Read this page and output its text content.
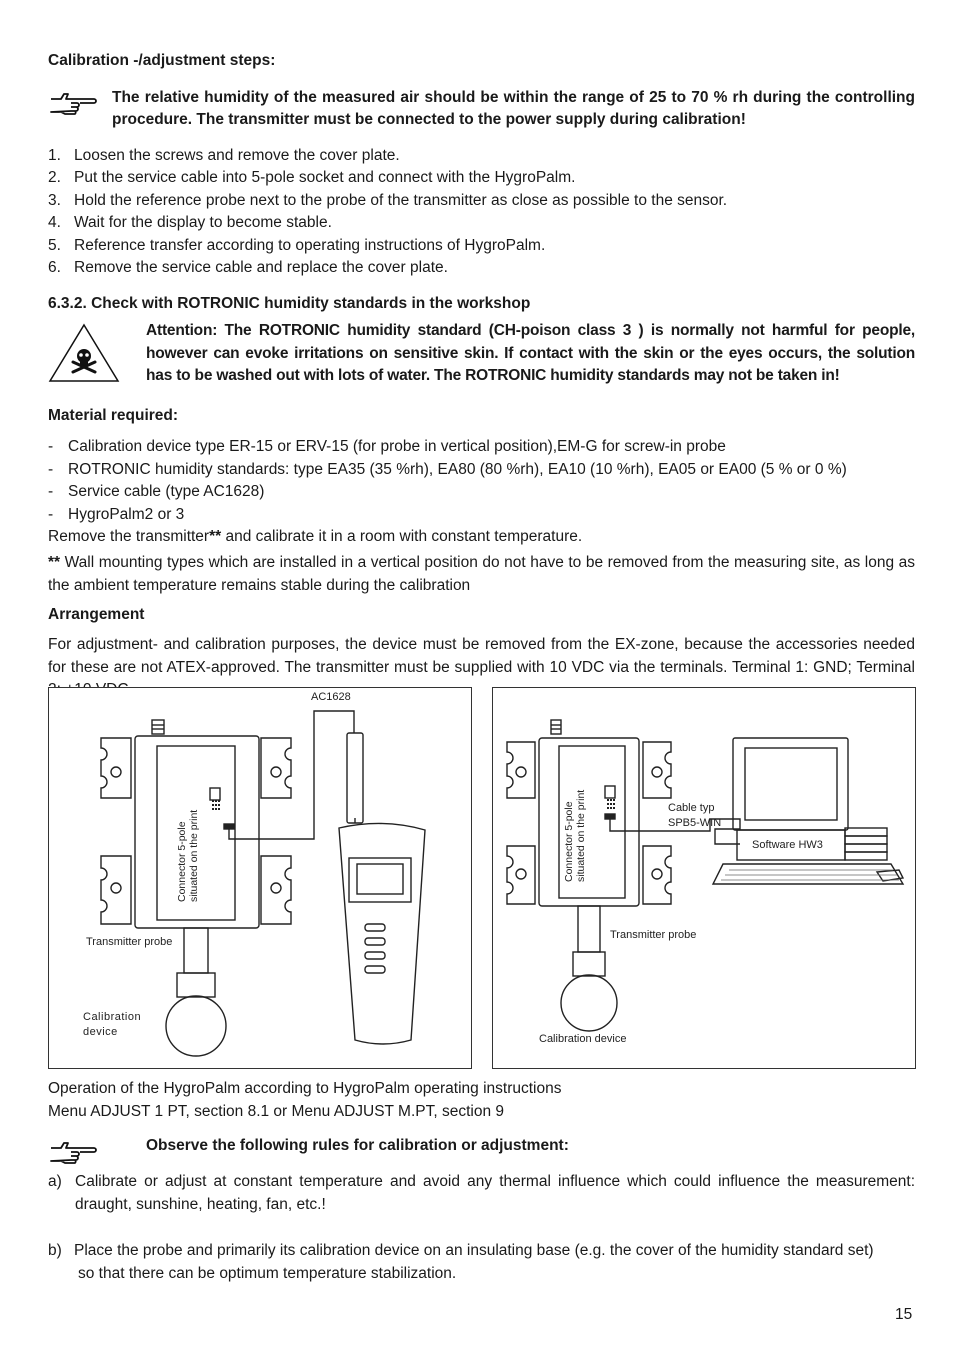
Calibration -/adjustment steps:
The relative humidity of the measured air should be within the range of 25 to 70 % rh during the controlling procedure. The transmitter must be connected to the power supply during calibration!
1. Loosen the screws and remove the cover plate.
2. Put the service cable into 5-pole socket and connect with the HygroPalm.
3. Hold the reference probe next to the probe of the transmitter as close as possible to the sensor.
4. Wait for the display to become stable.
5. Reference transfer according to operating instructions of HygroPalm.
6. Remove the service cable and replace the cover plate.
6.3.2. Check with ROTRONIC humidity standards in the workshop
Attention: The ROTRONIC humidity standard (CH-poison class 3 ) is normally not harmful for people, however can evoke irritations on sensitive skin. If contact with the skin or the eyes occurs, the solution has to be washed out with lots of water. The ROTRONIC humidity standards may not be taken in!
Material required:
- Calibration device type ER-15 or ERV-15 (for probe in vertical position),EM-G for screw-in probe
- ROTRONIC humidity standards: type EA35 (35 %rh), EA80 (80 %rh), EA10 (10 %rh), EA05 or EA00 (5 % or 0 %)
- Service cable (type AC1628)
- HygroPalm2 or 3
Remove the transmitter** and calibrate it in a room with constant temperature.
** Wall mounting types which are installed in a vertical position do not have to be removed from the measuring site, as long as the ambient temperature remains stable during the calibration
Arrangement
For adjustment- and calibration purposes, the device must be removed from the EX-zone, because the accessories needed for these are not ATEX-approved. The transmitter must be supplied with 10 VDC via the terminals. Terminal 1: GND; Terminal
AC1628
Connector 5-pole situated on the print
Transmitter probe
Calibration
device
Connector 5-pole situated on the print	Cable typ
SPB5-WIN
Software HW3
Transmitter probe
Calibration device
Operation of the HygroPalm according to HygroPalm operating instructions
Menu ADJUST 1 PT, section 8.1 or Menu ADJUST M.PT, section 9
Observe the following rules for calibration or adjustment:
a) Calibrate or adjust at constant temperature and avoid any thermal influence which could influence the measurement: draught, sunshine, heating, fan, etc.!
b) Place the probe and primarily its calibration device on an insulating base (e.g. the cover of the humidity standard set)
so that there can be optimum temperature stabilization.
15
